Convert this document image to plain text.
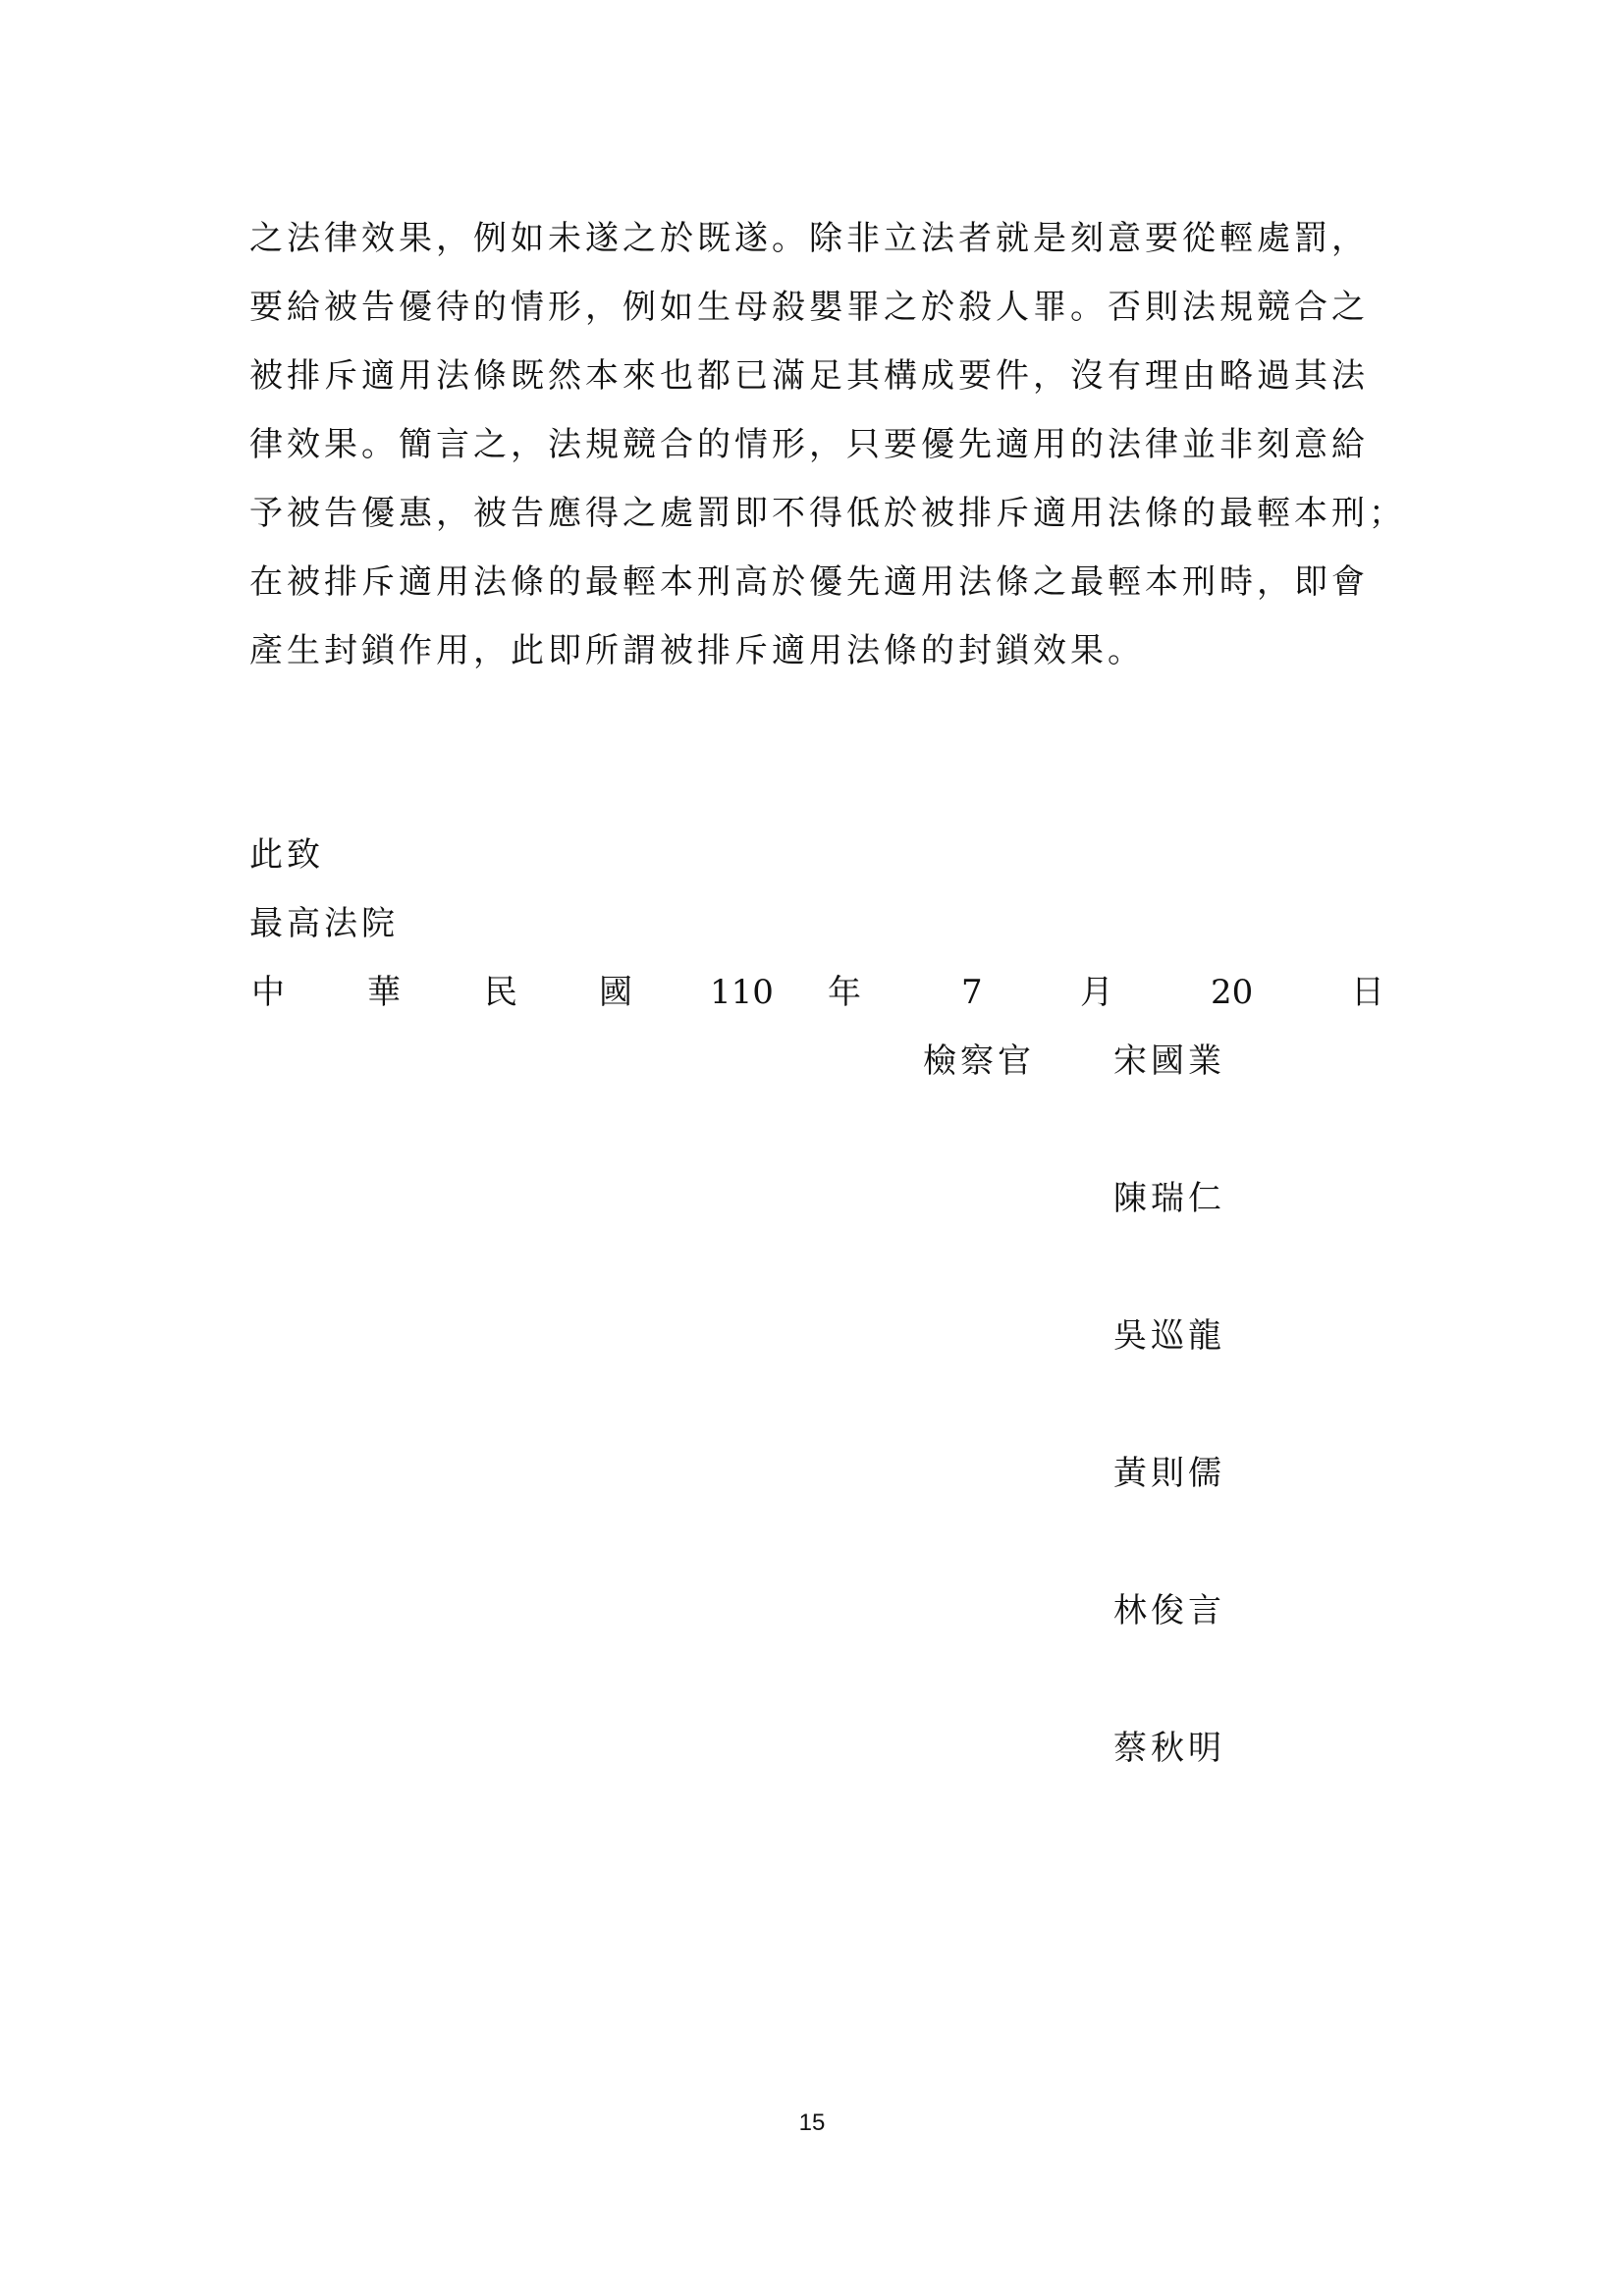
之法律效果，例如未遂之於既遂。除非立法者就是刻意要從輕處罰，
要給被告優待的情形，例如生母殺嬰罪之於殺人罪。否則法規競合之
被排斥適用法條既然本來也都已滿足其構成要件，沒有理由略過其法
律效果。簡言之，法規競合的情形，只要優先適用的法律並非刻意給
予被告優惠，被告應得之處罰即不得低於被排斥適用法條的最輕本刑；
在被排斥適用法條的最輕本刑高於優先適用法條之最輕本刑時，即會
產生封鎖作用，此即所謂被排斥適用法條的封鎖效果。
此致
最高法院
中 華	民 國 110 年	7	月	20	日
檢察官 宋國業
陳瑞仁
吳巡龍
黃則儒
林俊言
蔡秋明
15
